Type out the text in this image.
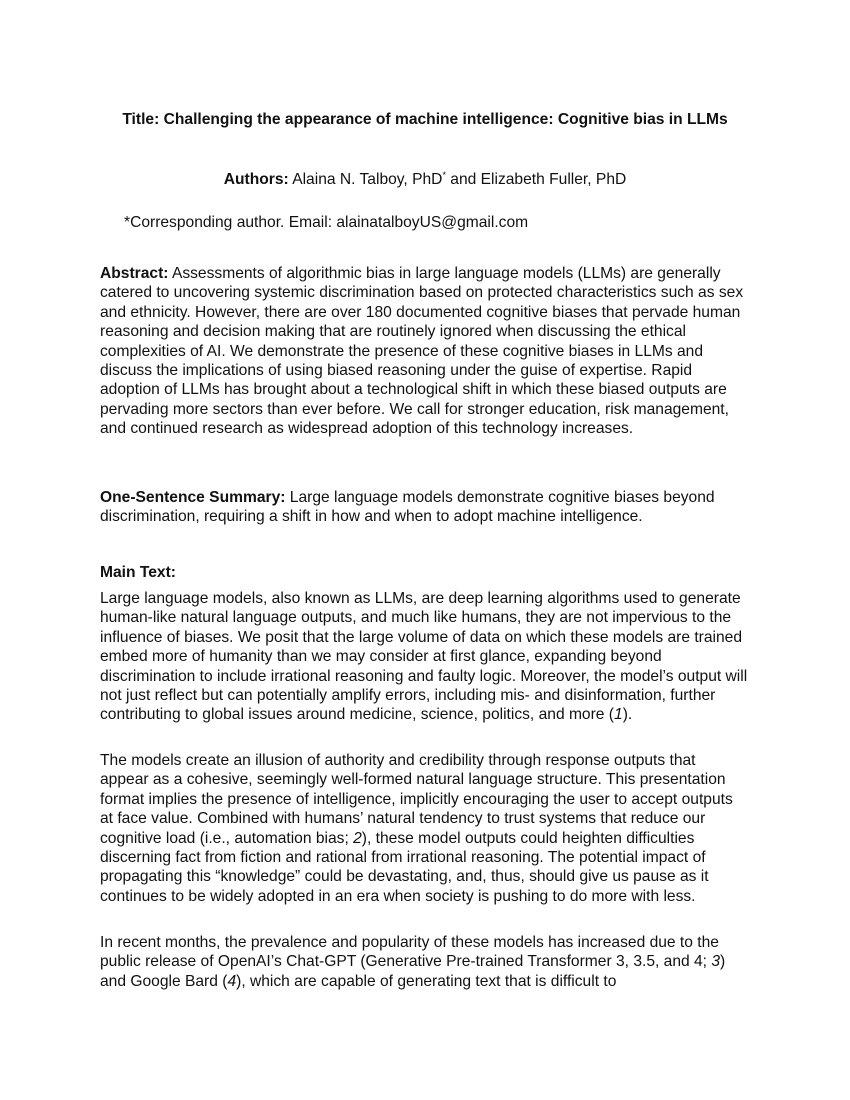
Title: Challenging the appearance of machine intelligence: Cognitive bias in LLMs
Authors: Alaina N. Talboy, PhD* and Elizabeth Fuller, PhD
*Corresponding author. Email: alainatalboyUS@gmail.com

Abstract: Assessments of algorithmic bias in large language models (LLMs) are generally catered to uncovering systemic discrimination based on protected characteristics such as sex and ethnicity. However, there are over 180 documented cognitive biases that pervade human reasoning and decision making that are routinely ignored when discussing the ethical complexities of AI. We demonstrate the presence of these cognitive biases in LLMs and discuss the implications of using biased reasoning under the guise of expertise. Rapid adoption of LLMs has brought about a technological shift in which these biased outputs are pervading more sectors than ever before. We call for stronger education, risk management, and continued research as widespread adoption of this technology increases.

One-Sentence Summary: Large language models demonstrate cognitive biases beyond discrimination, requiring a shift in how and when to adopt machine intelligence.

Main Text:

Large language models, also known as LLMs, are deep learning algorithms used to generate human-like natural language outputs, and much like humans, they are not impervious to the influence of biases. We posit that the large volume of data on which these models are trained embed more of humanity than we may consider at first glance, expanding beyond discrimination to include irrational reasoning and faulty logic. Moreover, the model’s output will not just reflect but can potentially amplify errors, including mis- and disinformation, further contributing to global issues around medicine, science, politics, and more (1).

The models create an illusion of authority and credibility through response outputs that appear as a cohesive, seemingly well-formed natural language structure. This presentation format implies the presence of intelligence, implicitly encouraging the user to accept outputs at face value. Combined with humans’ natural tendency to trust systems that reduce our cognitive load (i.e., automation bias; 2), these model outputs could heighten difficulties discerning fact from fiction and rational from irrational reasoning. The potential impact of propagating this “knowledge” could be devastating, and, thus, should give us pause as it continues to be widely adopted in an era when society is pushing to do more with less.

In recent months, the prevalence and popularity of these models has increased due to the public release of OpenAI’s Chat-GPT (Generative Pre-trained Transformer 3, 3.5, and 4; 3) and Google Bard (4), which are capable of generating text that is difficult to
